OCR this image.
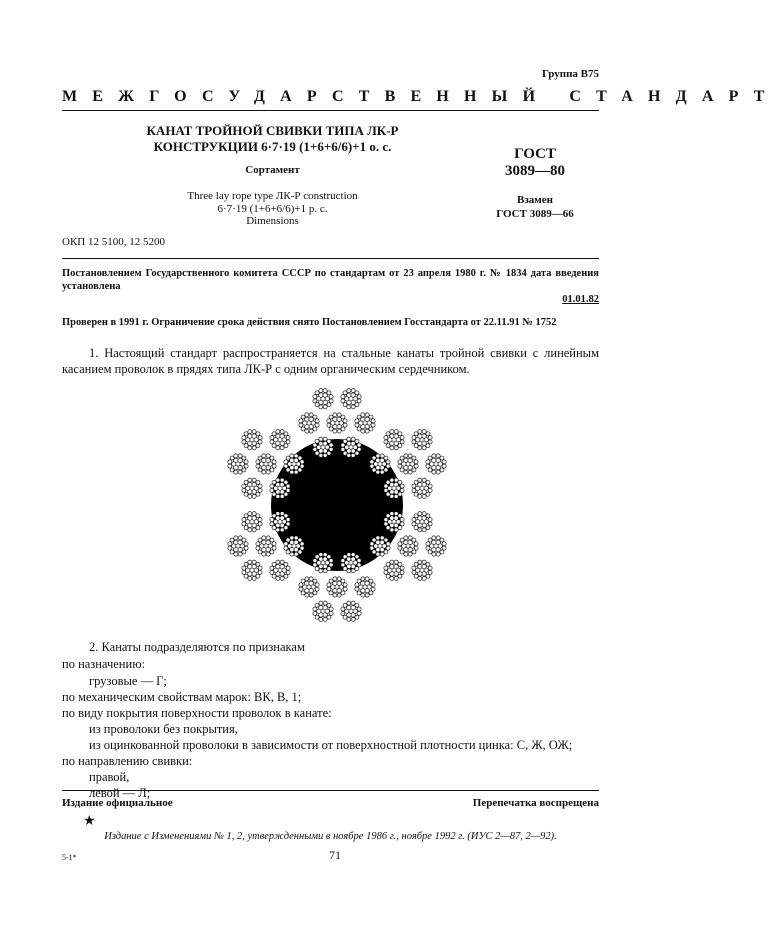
Группа В75
МЕЖГОСУДАРСТВЕННЫЙ СТАНДАРТ
КАНАТ ТРОЙНОЙ СВИВКИ ТИПА ЛК-Р
КОНСТРУКЦИИ 6·7·19 (1+6+6/6)+1 о. с.
Сортамент
Three lay rope type ЛК-Р construction
6·7·19 (1+6+6/6)+1 р. с.
Dimensions
ГОСТ
3089—80
Взамен
ГОСТ 3089—66
ОКП 12 5100, 12 5200
Постановлением Государственного комитета СССР по стандартам от 23 апреля 1980 г. № 1834 дата введения установлена
01.01.82
Проверен в 1991 г. Ограничение срока действия снято Постановлением Госстандарта от 22.11.91 № 1752
1. Настоящий стандарт распространяется на стальные канаты тройной свивки с линейным касанием проволок в прядях типа ЛК-Р с одним органическим сердечником.
2. Канаты подразделяются по признакам
по назначению:
грузовые — Г;
по механическим свойствам марок: ВК, В, 1;
по виду покрытия поверхности проволок в канате:
из проволоки без покрытия,
из оцинкованной проволоки в зависимости от поверхностной плотности цинка: С, Ж, ОЖ;
по направлению свивки:
правой,
левой — Л;
Издание официальное	Перепечатка воспрещена
★
Издание с Изменениями № 1, 2, утвержденными в ноябре 1986 г., ноябре 1992 г. (ИУС 2—87, 2—92).
5-1*	71
